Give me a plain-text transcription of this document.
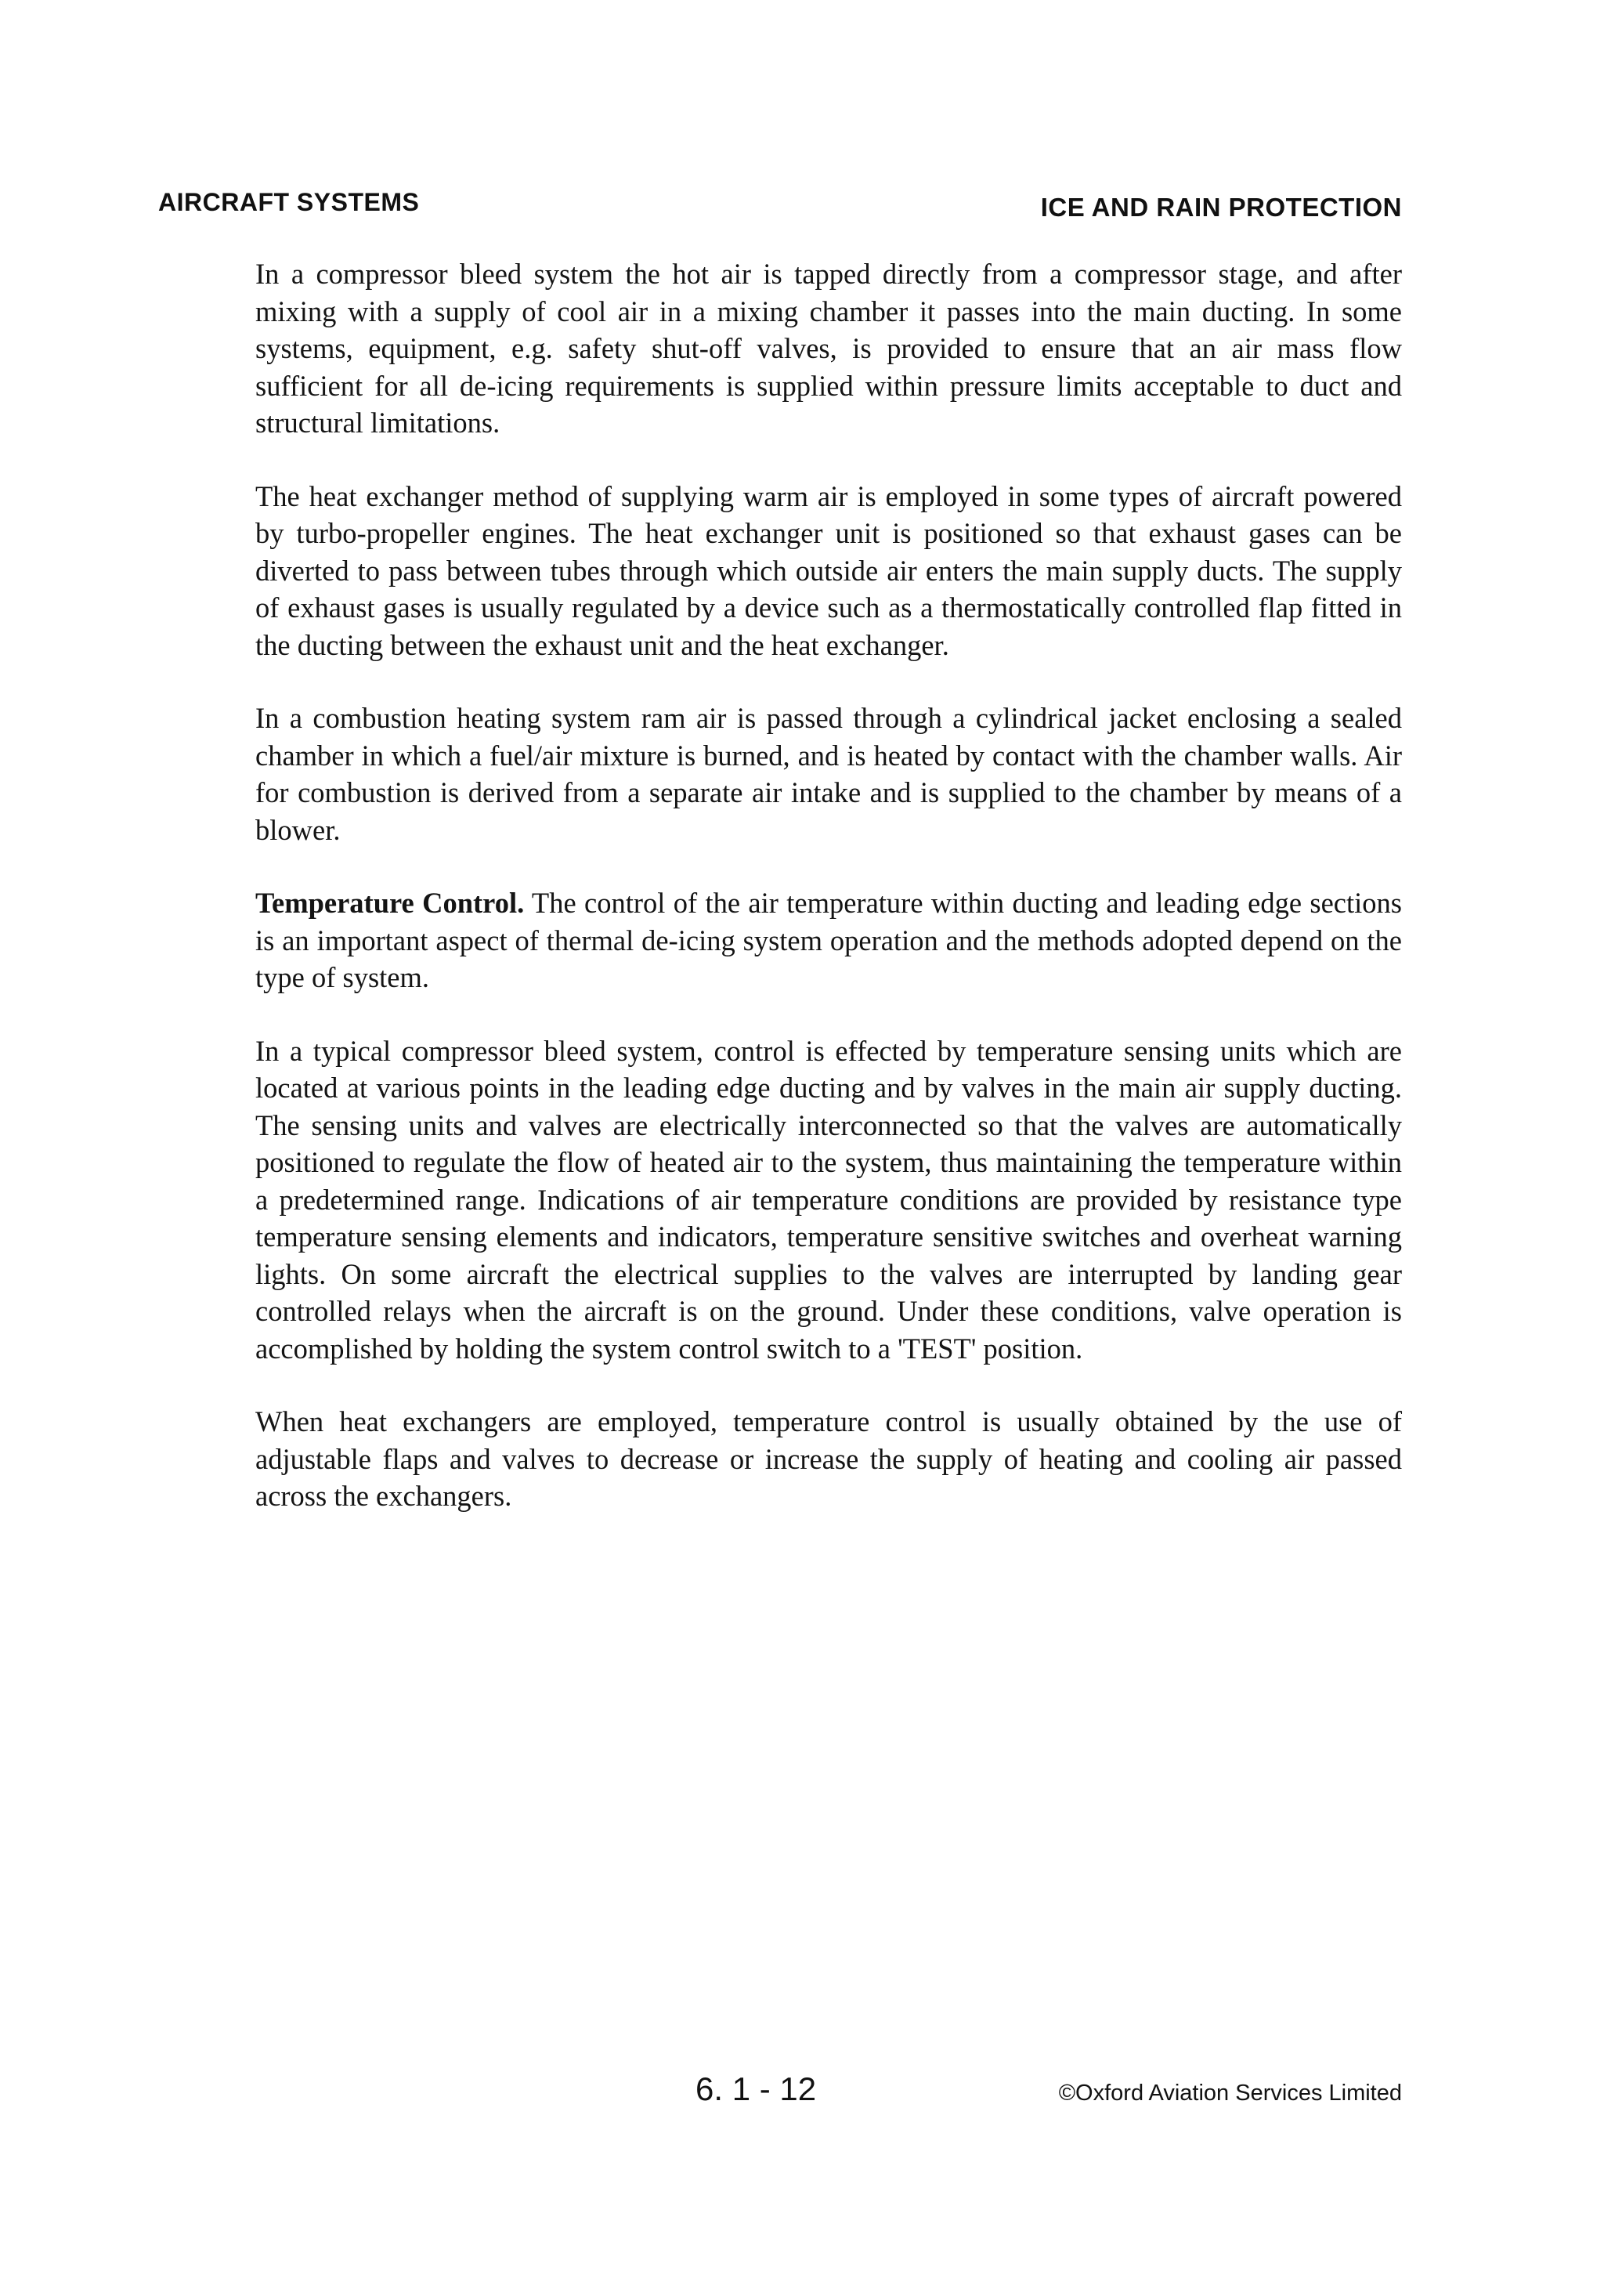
AIRCRAFT SYSTEMS	ICE AND RAIN PROTECTION

In a compressor bleed system the hot air is tapped directly from a compressor stage, and after mixing with a supply of cool air in a mixing chamber it passes into the main ducting. In some systems, equipment, e.g. safety shut-off valves, is provided to ensure that an air mass flow sufficient for all de-icing requirements is supplied within pressure limits acceptable to duct and structural limitations.

The heat exchanger method of supplying warm air is employed in some types of aircraft powered by turbo-propeller engines. The heat exchanger unit is positioned so that exhaust gases can be diverted to pass between tubes through which outside air enters the main supply ducts. The supply of exhaust gases is usually regulated by a device such as a thermostatically controlled flap fitted in the ducting between the exhaust unit and the heat exchanger.

In a combustion heating system ram air is passed through a cylindrical jacket enclosing a sealed chamber in which a fuel/air mixture is burned, and is heated by contact with the chamber walls. Air for combustion is derived from a separate air intake and is supplied to the chamber by means of a blower.

Temperature Control. The control of the air temperature within ducting and leading edge sections is an important aspect of thermal de-icing system operation and the methods adopted depend on the type of system.

In a typical compressor bleed system, control is effected by temperature sensing units which are located at various points in the leading edge ducting and by valves in the main air supply ducting. The sensing units and valves are electrically interconnected so that the valves are automatically positioned to regulate the flow of heated air to the system, thus maintaining the temperature within a predetermined range. Indications of air temperature conditions are provided by resistance type temperature sensing elements and indicators, temperature sensitive switches and overheat warning lights. On some aircraft the electrical supplies to the valves are interrupted by landing gear controlled relays when the aircraft is on the ground. Under these conditions, valve operation is accomplished by holding the system control switch to a 'TEST' position.

When heat exchangers are employed, temperature control is usually obtained by the use of adjustable flaps and valves to decrease or increase the supply of heating and cooling air passed across the exchangers.

6. 1 - 12	©Oxford Aviation Services Limited
